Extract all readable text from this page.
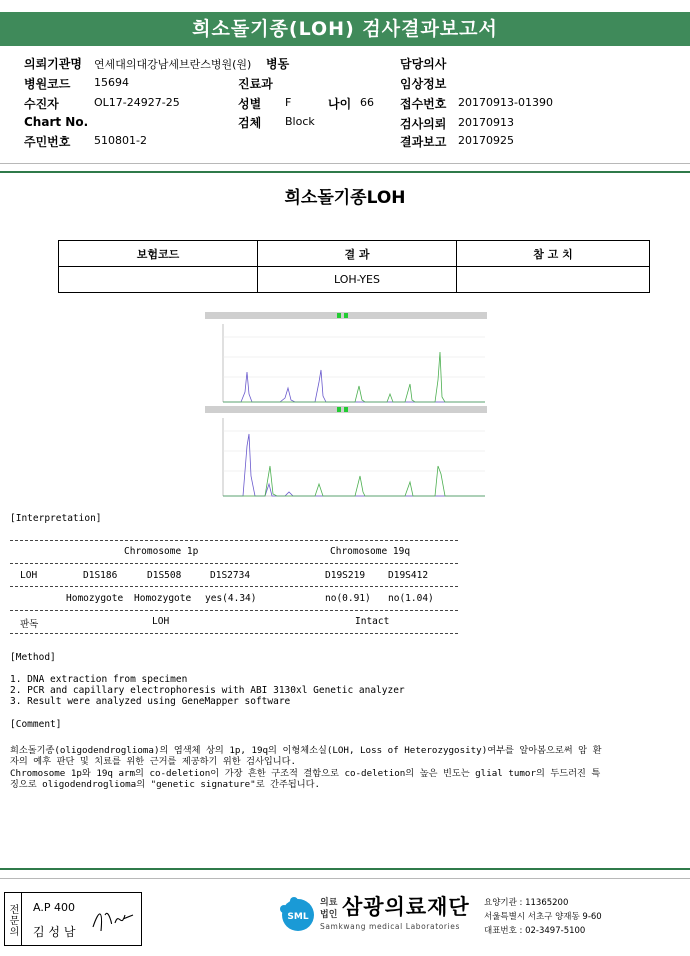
희소돌기종(LOH) 검사결과보고서
의뢰기관명 연세대의대강남세브란스병원(원) 병동	담당의사
병원코드 15694	진료과	임상정보
수진자	OL17-24927-25	성별 F	나이 66 접수번호 20170913-01390
Chart No.	검체 Block	검사의뢰 20170913
주민번호 510801-2	결과보고 20170925
희소돌기종LOH
보험코드	결 과	참 고 치
	LOH-YES	
[Interpretation]
Chromosome 1p	Chromosome 19q
LOH	D1S186	D1S508	D1S2734	D19S219 D19S412
Homozygote Homozygote yes(4.34)	no(0.91) no(1.04)
판독	LOH	Intact
[Method]
1. DNA extraction from specimen
2. PCR and capillary electrophoresis with ABI 3130xl Genetic analyzer
3. Result were analyzed using GeneMapper software
[Comment]
희소돌기종(oligodendroglioma)의 염색체 상의 1p, 19q의 이형체소실(LOH, Loss of Heterozygosity)여부를 알아봄으로써 암 환
자의 예후 판단 및 치료를 위한 근거를 제공하기 위한 검사입니다.
Chromosome 1p와 19q arm의 co-deletion이 가장 흔한 구조적 결함으로 co-deletion의 높은 빈도는 glial tumor의 두드러진 특
징으로 oligodendroglioma의 "genetic signature"로 간주됩니다.
전문의	A.P 400
김 성 남
SML
의료
법인 삼광의료재단
Samkwang medical Laboratories
요양기관 : 11365200
서울특별시 서초구 양재동 9-60
대표번호 : 02-3497-5100
